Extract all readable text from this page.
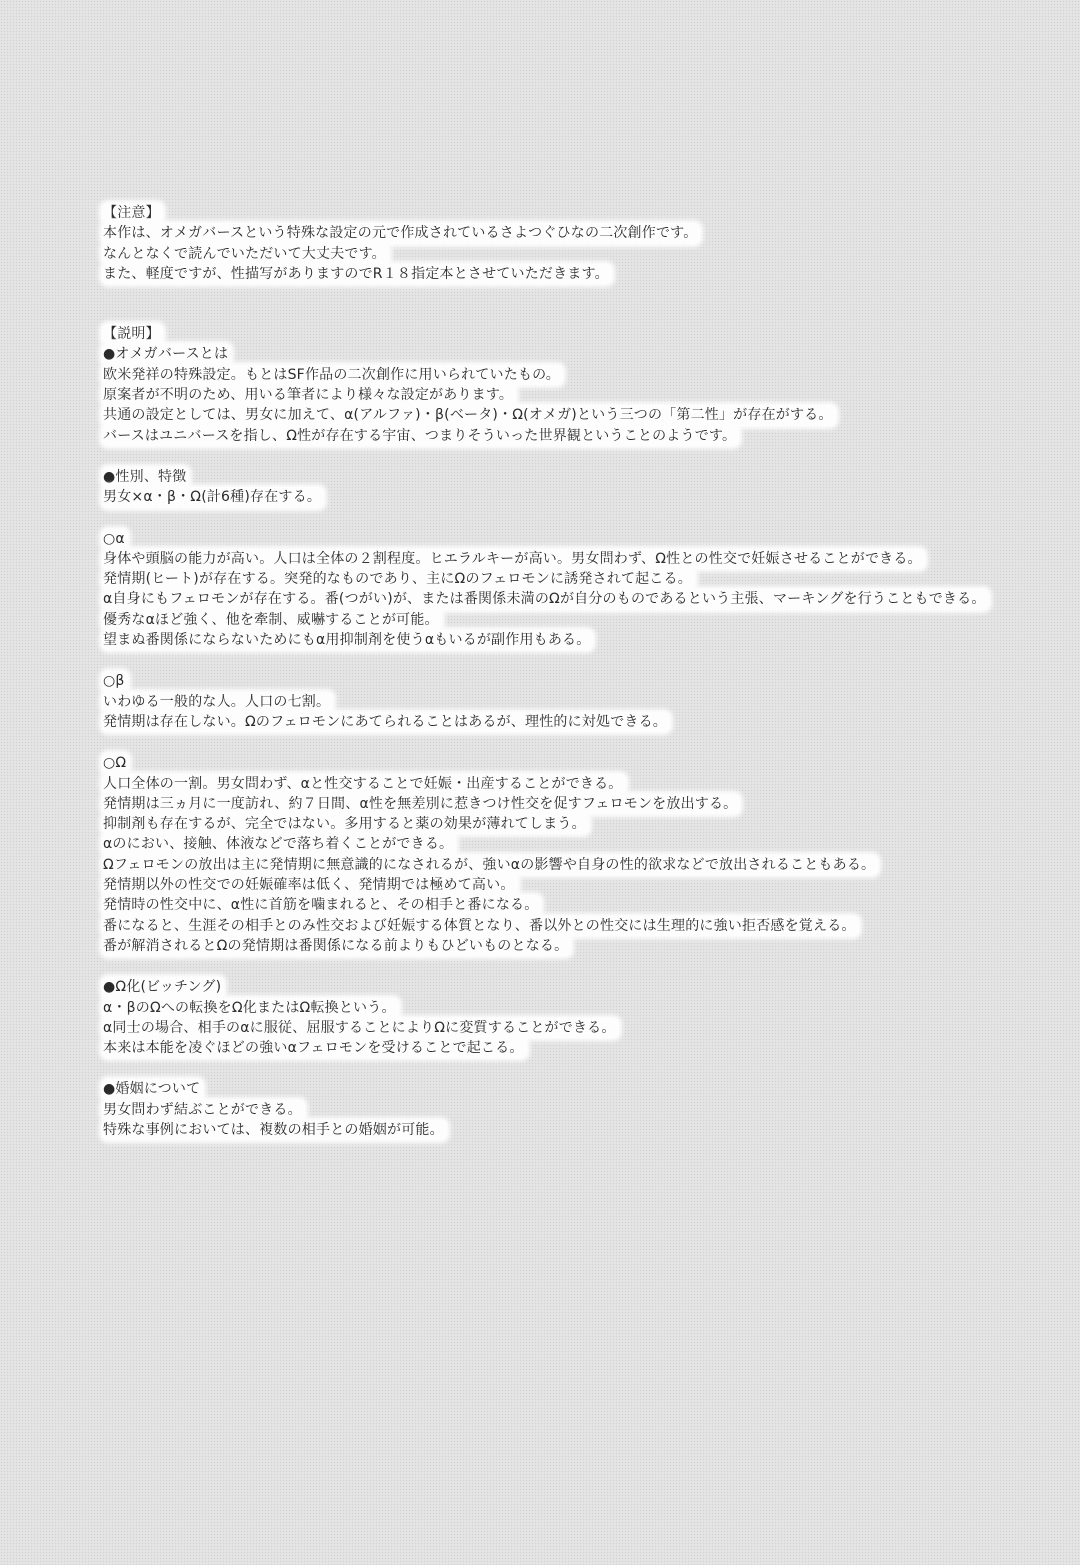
【注意】
本作は、オメガバースという特殊な設定の元で作成されているさよつぐひなの二次創作です。
なんとなくで読んでいただいて大丈夫です。
また、軽度ですが、性描写がありますのでR１８指定本とさせていただきます。
【説明】
●オメガバースとは
欧米発祥の特殊設定。もとはSF作品の二次創作に用いられていたもの。
原案者が不明のため、用いる筆者により様々な設定があります。
共通の設定としては、男女に加えて、α(アルファ)・β(ベータ)・Ω(オメガ)という三つの「第二性」が存在がする。
バースはユニバースを指し、Ω性が存在する宇宙、つまりそういった世界観ということのようです。
●性別、特徴
男女×α・β・Ω(計6種)存在する。
○α
身体や頭脳の能力が高い。人口は全体の２割程度。ヒエラルキーが高い。男女問わず、Ω性との性交で妊娠させることができる。
発情期(ヒート)が存在する。突発的なものであり、主にΩのフェロモンに誘発されて起こる。
α自身にもフェロモンが存在する。番(つがい)が、または番関係未満のΩが自分のものであるという主張、マーキングを行うこともできる。
優秀なαほど強く、他を牽制、威嚇することが可能。
望まぬ番関係にならないためにもα用抑制剤を使うαもいるが副作用もある。
○β
いわゆる一般的な人。人口の七割。
発情期は存在しない。Ωのフェロモンにあてられることはあるが、理性的に対処できる。
○Ω
人口全体の一割。男女問わず、αと性交することで妊娠・出産することができる。
発情期は三ヵ月に一度訪れ、約７日間、α性を無差別に惹きつけ性交を促すフェロモンを放出する。
抑制剤も存在するが、完全ではない。多用すると薬の効果が薄れてしまう。
αのにおい、接触、体液などで落ち着くことができる。
Ωフェロモンの放出は主に発情期に無意識的になされるが、強いαの影響や自身の性的欲求などで放出されることもある。
発情期以外の性交での妊娠確率は低く、発情期では極めて高い。
発情時の性交中に、α性に首筋を噛まれると、その相手と番になる。
番になると、生涯その相手とのみ性交および妊娠する体質となり、番以外との性交には生理的に強い拒否感を覚える。
番が解消されるとΩの発情期は番関係になる前よりもひどいものとなる。
●Ω化(ビッチング)
α・βのΩへの転換をΩ化またはΩ転換という。
α同士の場合、相手のαに服従、屈服することによりΩに変質することができる。
本来は本能を凌ぐほどの強いαフェロモンを受けることで起こる。
●婚姻について
男女問わず結ぶことができる。
特殊な事例においては、複数の相手との婚姻が可能。
